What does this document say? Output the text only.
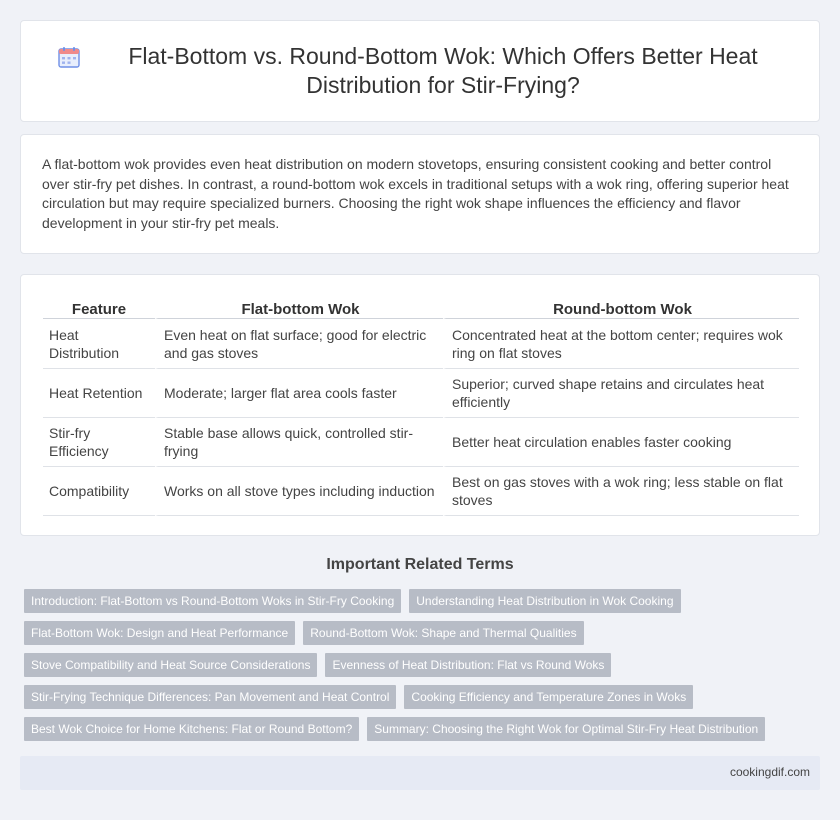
Flat-Bottom vs. Round-Bottom Wok: Which Offers Better Heat Distribution for Stir-Frying?

A flat-bottom wok provides even heat distribution on modern stovetops, ensuring consistent cooking and better control over stir-fry pet dishes. In contrast, a round-bottom wok excels in traditional setups with a wok ring, offering superior heat circulation but may require specialized burners. Choosing the right wok shape influences the efficiency and flavor development in your stir-fry pet meals.

Feature	Flat-bottom Wok	Round-bottom Wok
Heat Distribution	Even heat on flat surface; good for electric and gas stoves	Concentrated heat at the bottom center; requires wok ring on flat stoves
Heat Retention	Moderate; larger flat area cools faster	Superior; curved shape retains and circulates heat efficiently
Stir-fry Efficiency	Stable base allows quick, controlled stir-frying	Better heat circulation enables faster cooking
Compatibility	Works on all stove types including induction	Best on gas stoves with a wok ring; less stable on flat stoves
Important Related Terms
Introduction: Flat-Bottom vs Round-Bottom Woks in Stir-Fry Cooking	Understanding Heat Distribution in Wok Cooking
Flat-Bottom Wok: Design and Heat Performance	Round-Bottom Wok: Shape and Thermal Qualities
Stove Compatibility and Heat Source Considerations	Evenness of Heat Distribution: Flat vs Round Woks
Stir-Frying Technique Differences: Pan Movement and Heat Control	Cooking Efficiency and Temperature Zones in Woks
Best Wok Choice for Home Kitchens: Flat or Round Bottom?	Summary: Choosing the Right Wok for Optimal Stir-Fry Heat Distribution
cookingdif.com
